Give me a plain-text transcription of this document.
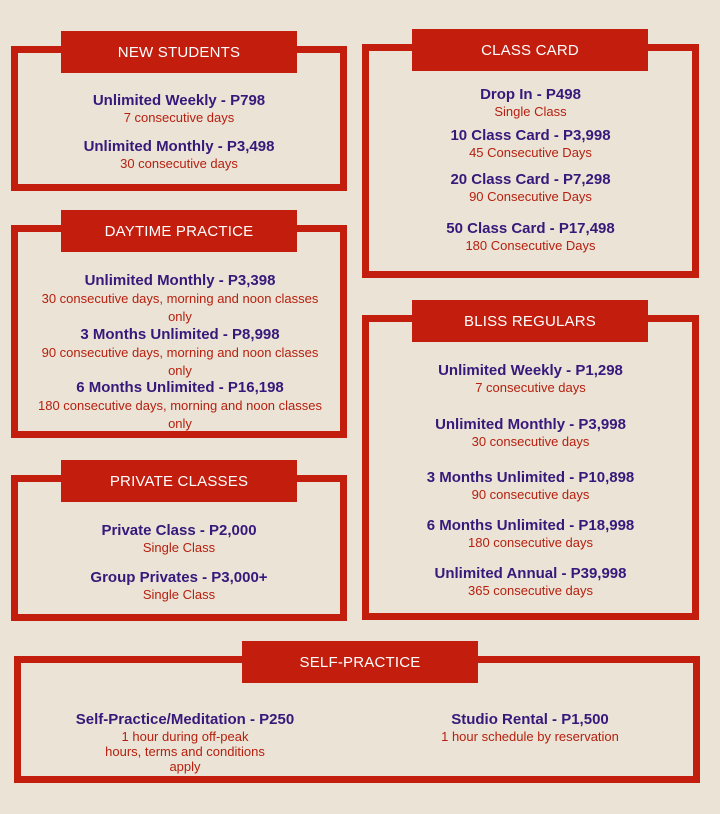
NEW STUDENTS
Unlimited Weekly - P798
7 consecutive days
Unlimited Monthly - P3,498
30 consecutive days
CLASS CARD
Drop In - P498
Single Class
10 Class Card - P3,998
45 Consecutive Days
20 Class Card - P7,298
90 Consecutive Days
50 Class Card - P17,498
180 Consecutive Days
DAYTIME PRACTICE
Unlimited Monthly - P3,398
30 consecutive days, morning and noon classes only
3 Months Unlimited - P8,998
90 consecutive days, morning and noon classes only
6 Months Unlimited - P16,198
180 consecutive days, morning and noon classes only
BLISS REGULARS
Unlimited Weekly - P1,298
7 consecutive days
Unlimited Monthly - P3,998
30 consecutive days
3 Months Unlimited - P10,898
90 consecutive days
6 Months Unlimited - P18,998
180 consecutive days
Unlimited Annual - P39,998
365 consecutive days
PRIVATE CLASSES
Private Class - P2,000
Single Class
Group Privates - P3,000+
Single Class
SELF-PRACTICE
Self-Practice/Meditation - P250
1 hour during off-peak hours, terms and conditions apply
Studio Rental - P1,500
1 hour schedule by reservation
